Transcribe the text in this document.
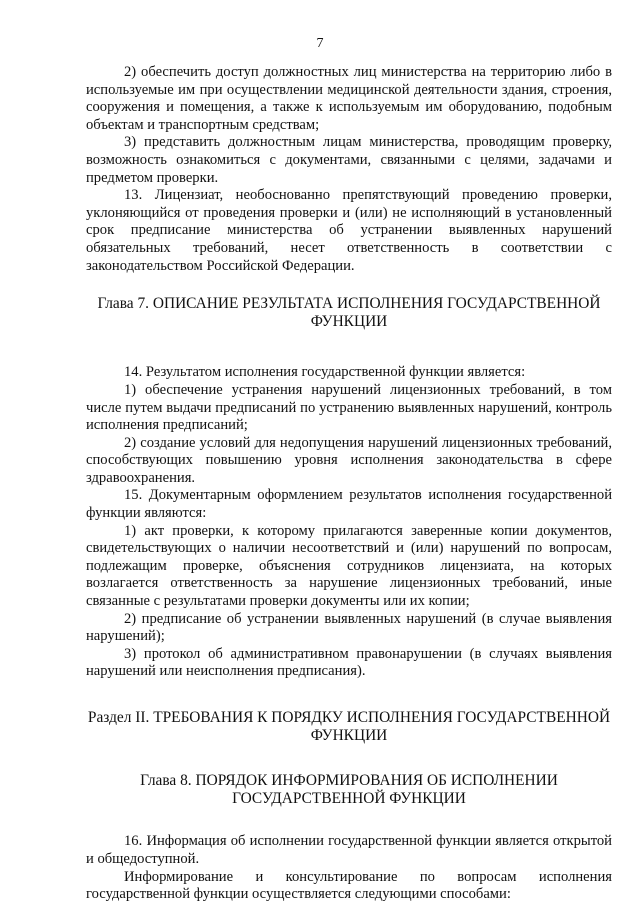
7

2) обеспечить доступ должностных лиц министерства на территорию либо в используемые им при осуществлении медицинской деятельности здания, строения, сооружения и помещения, а также к используемым им оборудованию, подобным объектам и транспортным средствам;

3) представить должностным лицам министерства, проводящим проверку, возможность ознакомиться с документами, связанными с целями, задачами и предметом проверки.

13. Лицензиат, необоснованно препятствующий проведению проверки, уклоняющийся от проведения проверки и (или) не исполняющий в установленный срок предписание министерства об устранении выявленных нарушений обязательных требований, несет ответственность в соответствии с законодательством Российской Федерации.

Глава 7. ОПИСАНИЕ РЕЗУЛЬТАТА ИСПОЛНЕНИЯ ГОСУДАРСТВЕННОЙ ФУНКЦИИ

14. Результатом исполнения государственной функции является:

1) обеспечение устранения нарушений лицензионных требований, в том числе путем выдачи предписаний по устранению выявленных нарушений, контроль исполнения предписаний;

2) создание условий для недопущения нарушений лицензионных требований, способствующих повышению уровня исполнения законодательства в сфере здравоохранения.

15. Документарным оформлением результатов исполнения государственной функции являются:

1) акт проверки, к которому прилагаются заверенные копии документов, свидетельствующих о наличии несоответствий и (или) нарушений по вопросам, подлежащим проверке, объяснения сотрудников лицензиата, на которых возлагается ответственность за нарушение лицензионных требований, иные связанные с результатами проверки документы или их копии;

2) предписание об устранении выявленных нарушений (в случае выявления нарушений);

3) протокол об административном правонарушении (в случаях выявления нарушений или неисполнения предписания).

Раздел II. ТРЕБОВАНИЯ К ПОРЯДКУ ИСПОЛНЕНИЯ ГОСУДАРСТВЕННОЙ ФУНКЦИИ

Глава 8. ПОРЯДОК ИНФОРМИРОВАНИЯ ОБ ИСПОЛНЕНИИ ГОСУДАРСТВЕННОЙ ФУНКЦИИ

16. Информация об исполнении государственной функции является открытой и общедоступной.

Информирование и консультирование по вопросам исполнения государственной функции осуществляется следующими способами:
